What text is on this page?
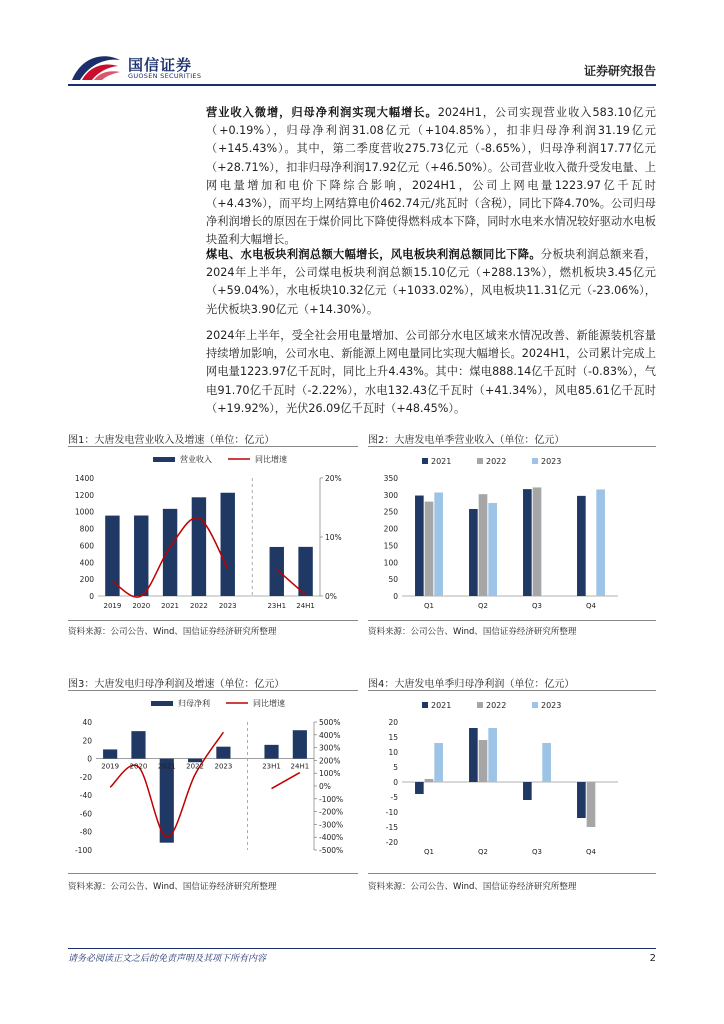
国信证券
GUOSEN SECURITIES	证券研究报告

营业收入微增，归母净利润实现大幅增长。2024H1，公司实现营业收入583.10亿元（+0.19%），归母净利润31.08亿元（+104.85%），扣非归母净利润31.19亿元（+145.43%）。其中，第二季度营收275.73亿元（-8.65%），归母净利润17.77亿元（+28.71%），扣非归母净利润17.92亿元（+46.50%）。公司营业收入微升受发电量、上网电量增加和电价下降综合影响，2024H1，公司上网电量1223.97亿千瓦时（+4.43%），而平均上网结算电价462.74元/兆瓦时（含税），同比下降4.70%。公司归母净利润增长的原因在于煤价同比下降使得燃料成本下降，同时水电来水情况较好驱动水电板块盈利大幅增长。

煤电、水电板块利润总额大幅增长，风电板块利润总额同比下降。分板块利润总额来看，2024年上半年，公司煤电板块利润总额15.10亿元（+288.13%），燃机板块3.45亿元（+59.04%），水电板块10.32亿元（+1033.02%），风电板块11.31亿元（-23.06%），光伏板块3.90亿元（+14.30%）。

2024年上半年，受全社会用电量增加、公司部分水电区域来水情况改善、新能源装机容量持续增加影响，公司水电、新能源上网电量同比实现大幅增长。2024H1，公司累计完成上网电量1223.97亿千瓦时，同比上升4.43%。其中：煤电888.14亿千瓦时（-0.83%），气电91.70亿千瓦时（-2.22%），水电132.43亿千瓦时（+41.34%），风电85.61亿千瓦时（+19.92%），光伏26.09亿千瓦时（+48.45%）。

图1：大唐发电营业收入及增速（单位：亿元）
0
200
400
600
800
1000
1200
1400
0%
10%
20%
2019 2020 2021 2022 2023	23H1 24H1
营业收入	同比增速
资料来源：公司公告、Wind、国信证券经济研究所整理
图2：大唐发电单季营业收入（单位：亿元）
0
50
100
150
200
250
300
350
Q1	Q2	Q3	Q4
2021	2022	2023
资料来源：公司公告、Wind、国信证券经济研究所整理
图3：大唐发电归母净利润及增速（单位：亿元）
-100
-80
-60
-40
-20
0
20
40
-500%
-400%
-300%
-200%
-100%
0%
100%
200%
300%
400%
500%
2019 2020 2021 2022 2023	23H1 24H1
归母净利	同比增速
资料来源：公司公告、Wind、国信证券经济研究所整理
图4：大唐发电单季归母净利润（单位：亿元）
-20
-15
-10
-5
0
5
10
15
20
Q1	Q2	Q3	Q4
2021	2022	2023
资料来源：公司公告、Wind、国信证券经济研究所整理
请务必阅读正文之后的免责声明及其项下所有内容	2
